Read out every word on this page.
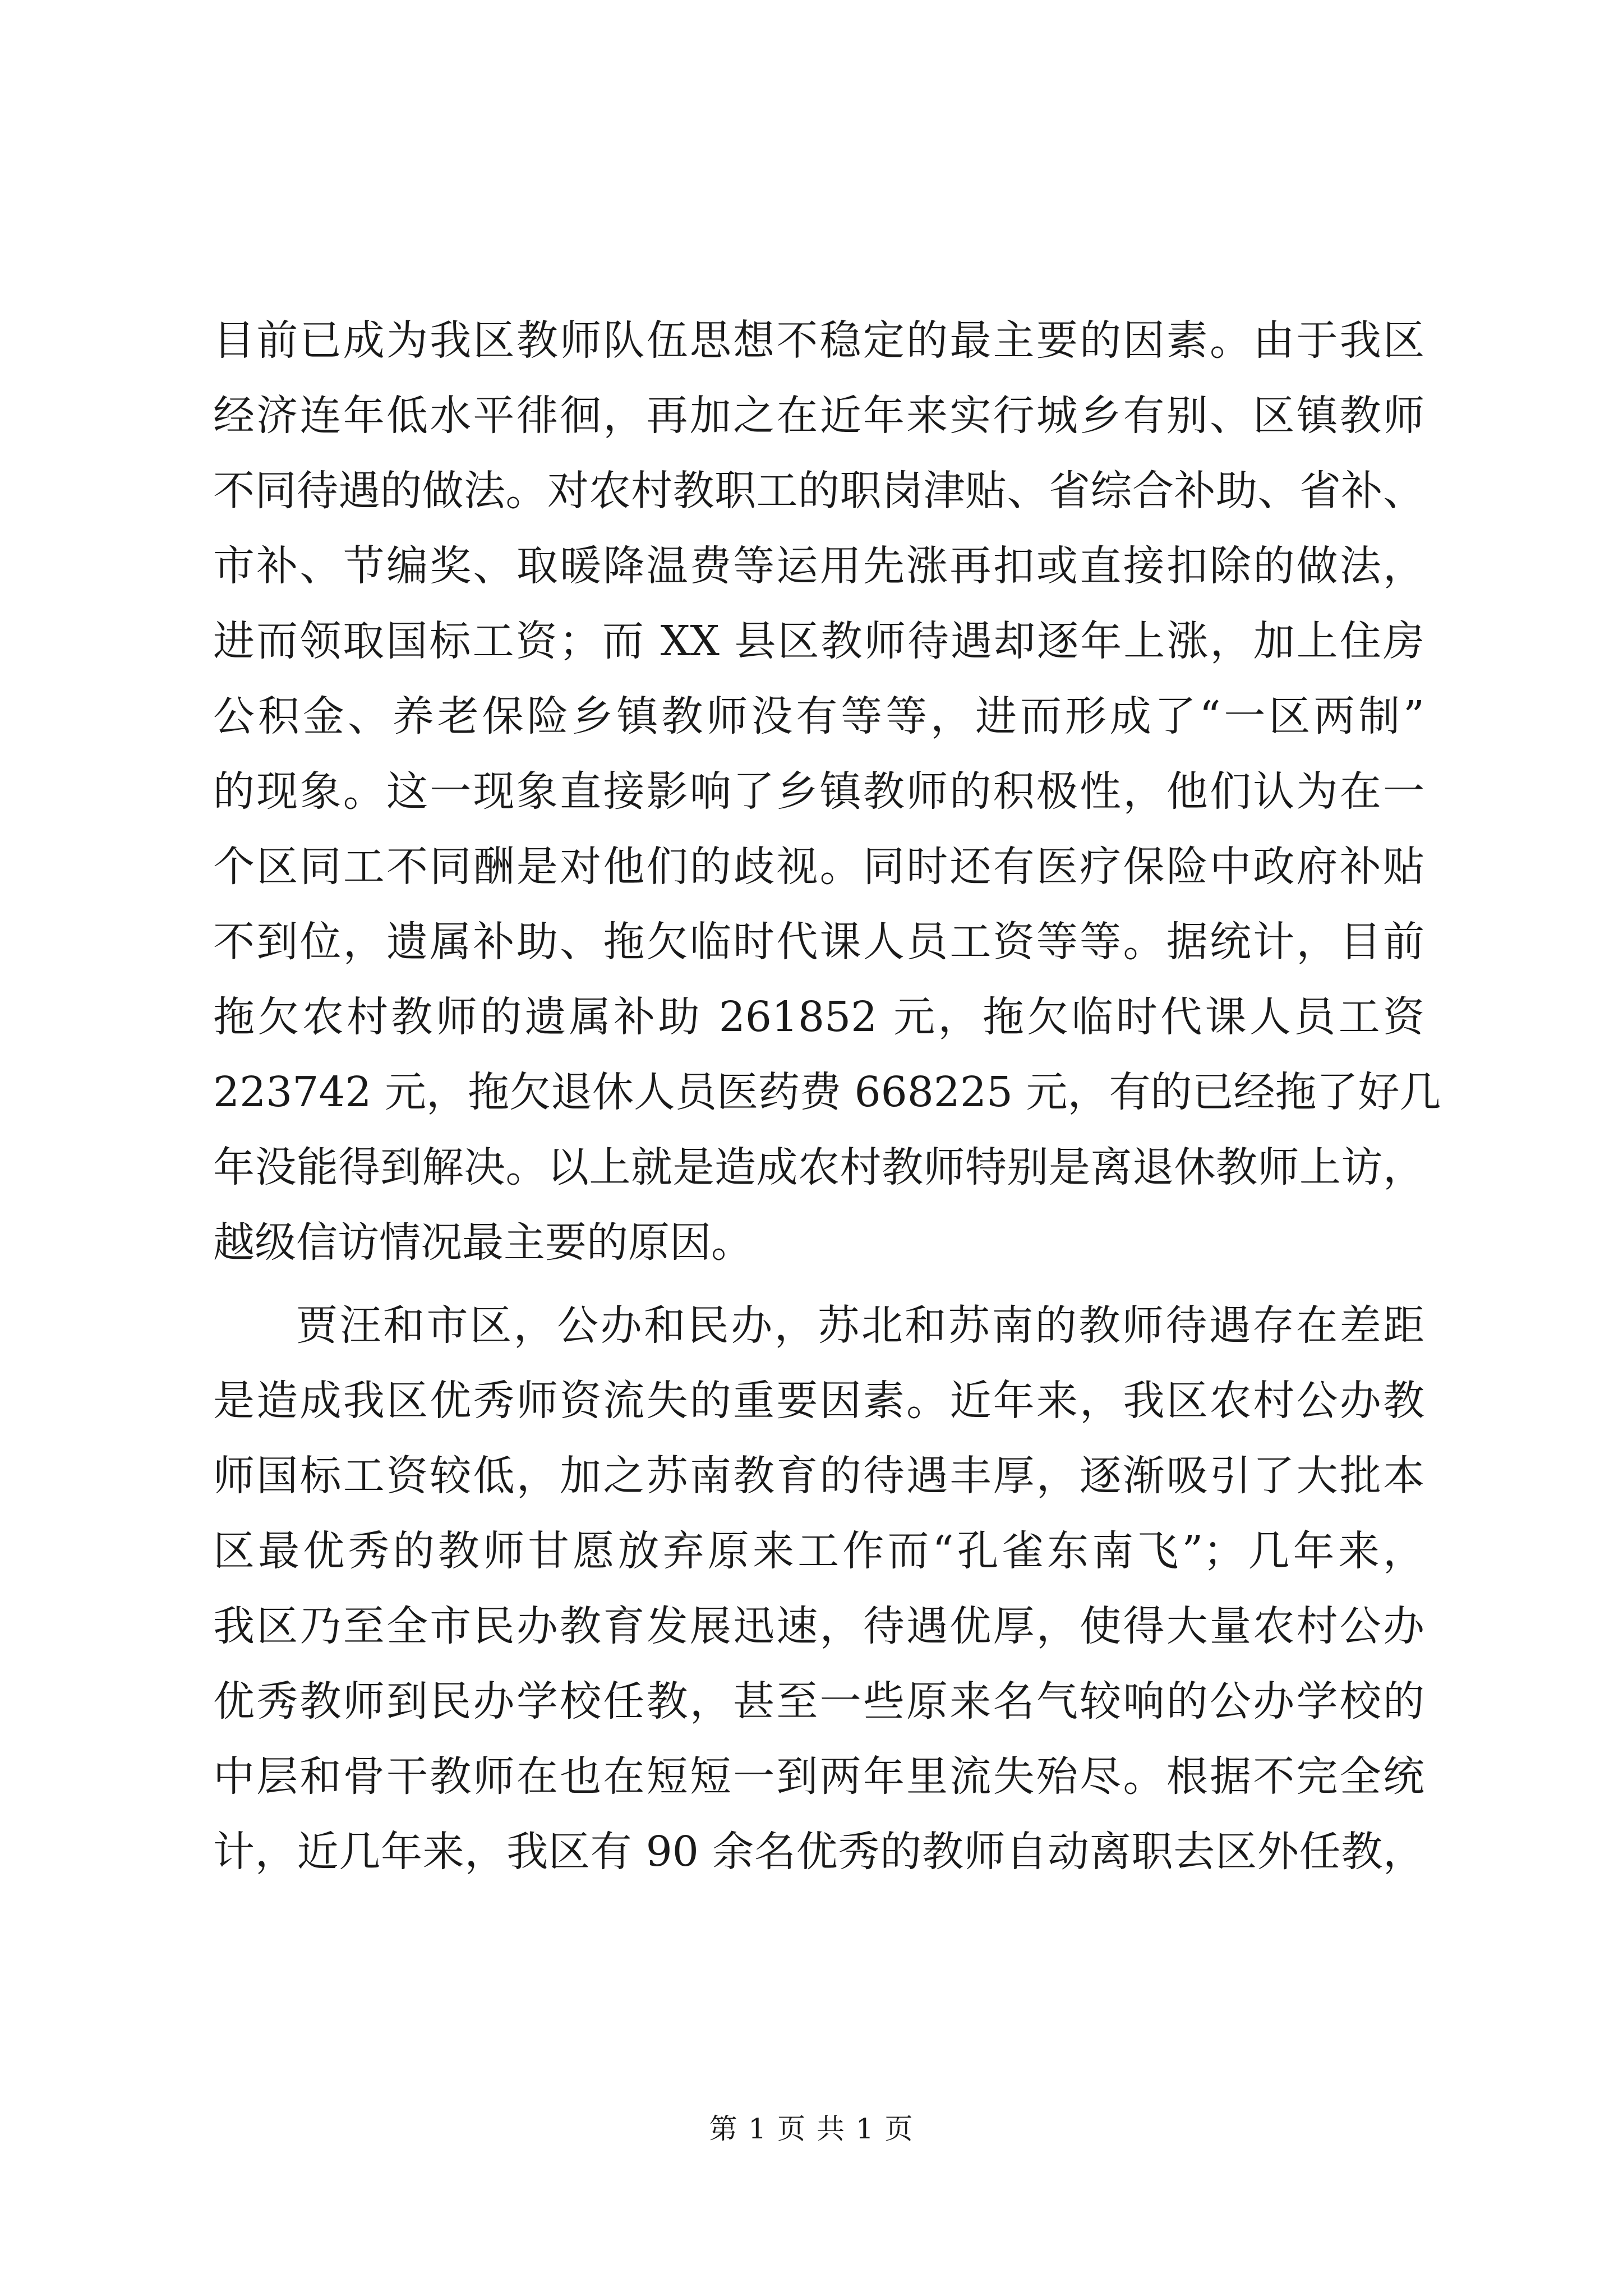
目前已成为我区教师队伍思想不稳定的最主要的因素。由于我区
经济连年低水平徘徊，再加之在近年来实行城乡有别、区镇教师
不同待遇的做法。对农村教职工的职岗津贴、省综合补助、省补、
市补、节编奖、取暖降温费等运用先涨再扣或直接扣除的做法，
进而领取国标工资；而 XX 县区教师待遇却逐年上涨，加上住房
公积金、养老保险乡镇教师没有等等，进而形成了“一区两制”
的现象。这一现象直接影响了乡镇教师的积极性，他们认为在一
个区同工不同酬是对他们的歧视。同时还有医疗保险中政府补贴
不到位，遗属补助、拖欠临时代课人员工资等等。据统计，目前
拖欠农村教师的遗属补助 261852 元，拖欠临时代课人员工资
223742 元，拖欠退休人员医药费 668225 元，有的已经拖了好几
年没能得到解决。以上就是造成农村教师特别是离退休教师上访，
越级信访情况最主要的原因。
贾汪和市区，公办和民办，苏北和苏南的教师待遇存在差距
是造成我区优秀师资流失的重要因素。近年来，我区农村公办教
师国标工资较低，加之苏南教育的待遇丰厚，逐渐吸引了大批本
区最优秀的教师甘愿放弃原来工作而“孔雀东南飞”；几年来，
我区乃至全市民办教育发展迅速，待遇优厚，使得大量农村公办
优秀教师到民办学校任教，甚至一些原来名气较响的公办学校的
中层和骨干教师在也在短短一到两年里流失殆尽。根据不完全统
计，近几年来，我区有 90 余名优秀的教师自动离职去区外任教，
第 1 页 共 1 页
